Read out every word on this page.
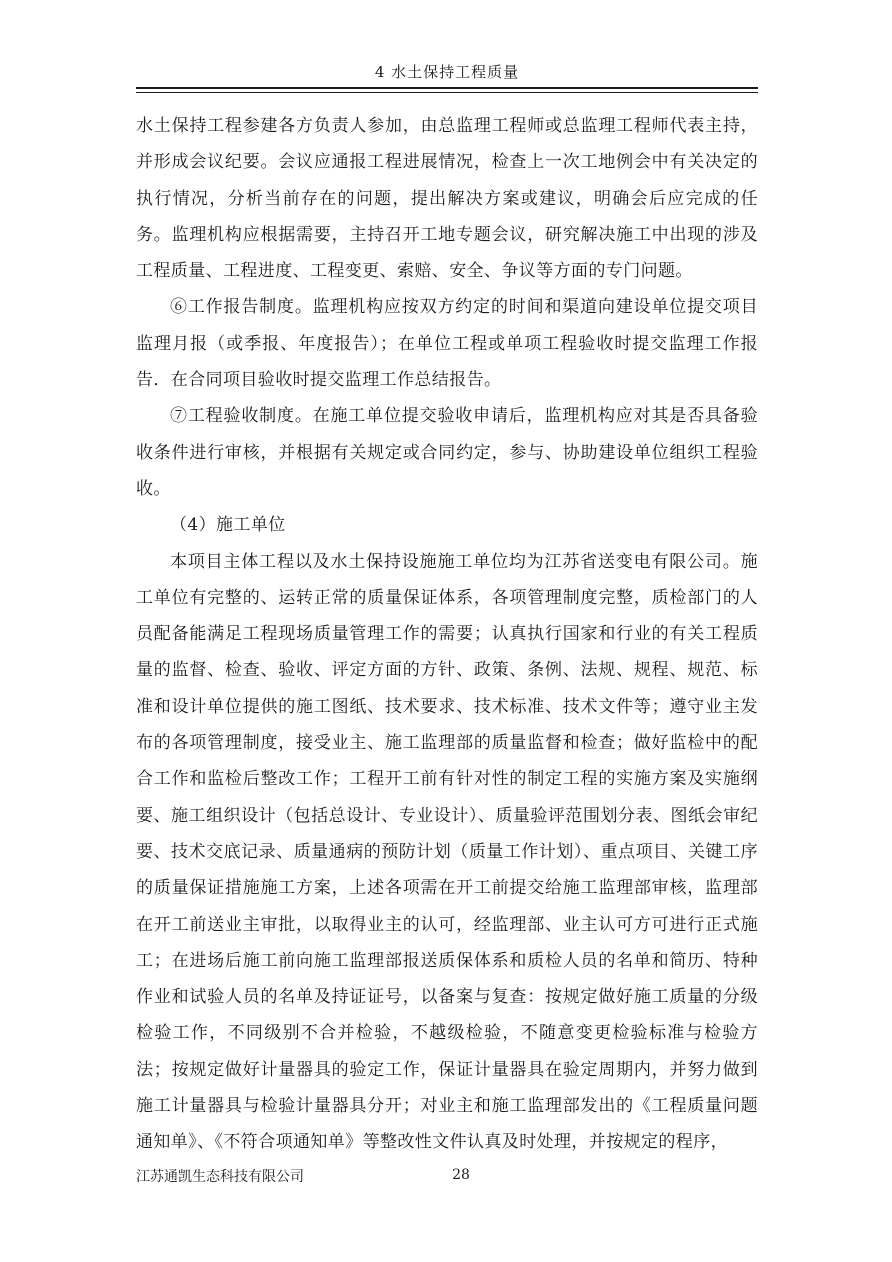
4 水土保持工程质量

水土保持工程参建各方负责人参加，由总监理工程师或总监理工程师代表主持，并形成会议纪要。会议应通报工程进展情况，检查上一次工地例会中有关决定的执行情况，分析当前存在的问题，提出解决方案或建议，明确会后应完成的任务。监理机构应根据需要，主持召开工地专题会议，研究解决施工中出现的涉及工程质量、工程进度、工程变更、索赔、安全、争议等方面的专门问题。

⑥工作报告制度。监理机构应按双方约定的时间和渠道向建设单位提交项目监理月报（或季报、年度报告）；在单位工程或单项工程验收时提交监理工作报告．在合同项目验收时提交监理工作总结报告。

⑦工程验收制度。在施工单位提交验收申请后，监理机构应对其是否具备验收条件进行审核，并根据有关规定或合同约定，参与、协助建设单位组织工程验收。

（4）施工单位

本项目主体工程以及水土保持设施施工单位均为江苏省送变电有限公司。施工单位有完整的、运转正常的质量保证体系，各项管理制度完整，质检部门的人员配备能满足工程现场质量管理工作的需要；认真执行国家和行业的有关工程质量的监督、检查、验收、评定方面的方针、政策、条例、法规、规程、规范、标准和设计单位提供的施工图纸、技术要求、技术标准、技术文件等；遵守业主发布的各项管理制度，接受业主、施工监理部的质量监督和检查；做好监检中的配合工作和监检后整改工作；工程开工前有针对性的制定工程的实施方案及实施纲要、施工组织设计（包括总设计、专业设计）、质量验评范围划分表、图纸会审纪要、技术交底记录、质量通病的预防计划（质量工作计划）、重点项目、关键工序的质量保证措施施工方案，上述各项需在开工前提交给施工监理部审核，监理部在开工前送业主审批，以取得业主的认可，经监理部、业主认可方可进行正式施工；在进场后施工前向施工监理部报送质保体系和质检人员的名单和简历、特种作业和试验人员的名单及持证证号，以备案与复查：按规定做好施工质量的分级检验工作，不同级别不合并检验，不越级检验，不随意变更检验标准与检验方法；按规定做好计量器具的验定工作，保证计量器具在验定周期内，并努力做到施工计量器具与检验计量器具分开；对业主和施工监理部发出的《工程质量问题通知单》、《不符合项通知单》等整改性文件认真及时处理，并按规定的程序，

江苏通凯生态科技有限公司	28
